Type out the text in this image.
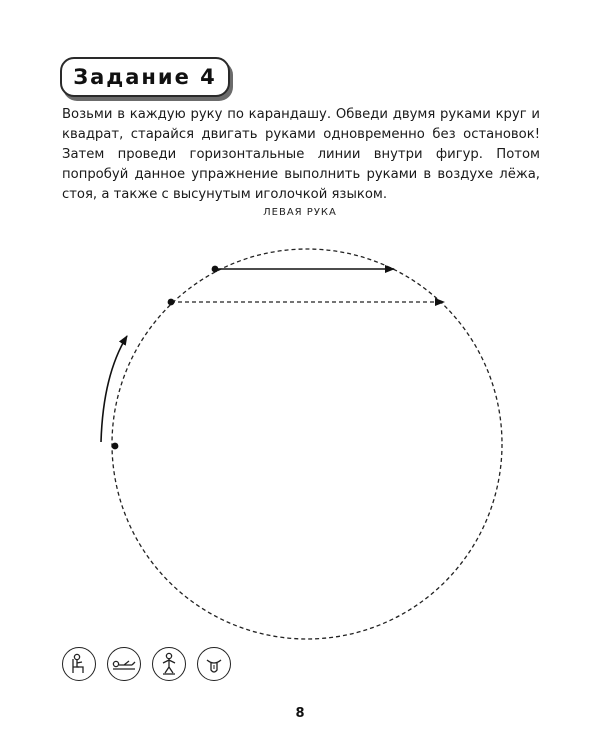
Задание 4
Возьми в каждую руку по карандашу. Обведи двумя руками круг и квадрат, старайся двигать руками одновременно без остановок! Затем проведи горизонтальные линии внутри фигур. Потом попробуй данное упражнение выполнить руками в воздухе лёжа, стоя, а также с высунутым иголочкой языком.
ЛЕВАЯ РУКА
8
